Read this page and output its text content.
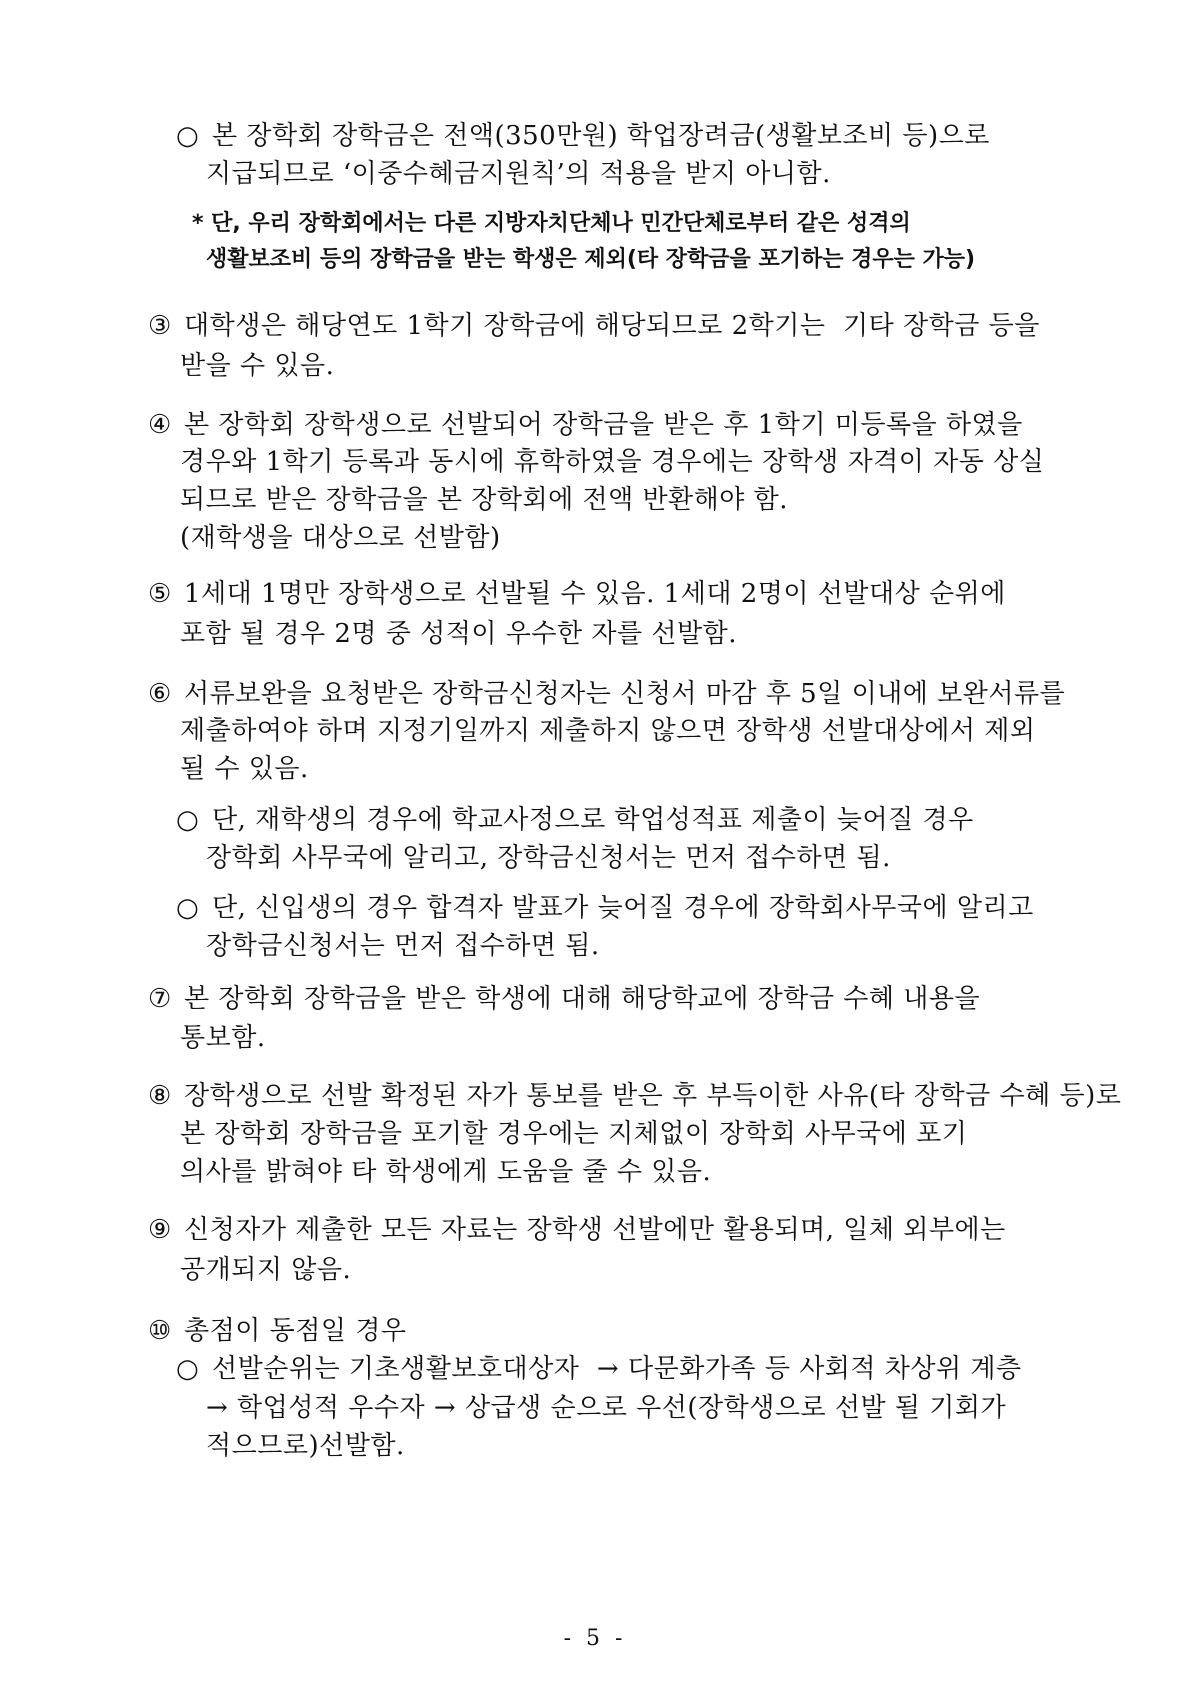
○ 본 장학회 장학금은 전액(350만원) 학업장려금(생활보조비 등)으로
지급되므로 ‘이중수혜금지원칙’의 적용을 받지 아니함.
* 단, 우리 장학회에서는 다른 지방자치단체나 민간단체로부터 같은 성격의
생활보조비 등의 장학금을 받는 학생은 제외(타 장학금을 포기하는 경우는 가능)
③ 대학생은 해당연도 1학기 장학금에 해당되므로 2학기는  기타 장학금 등을
받을 수 있음.
④ 본 장학회 장학생으로 선발되어 장학금을 받은 후 1학기 미등록을 하였을
경우와 1학기 등록과 동시에 휴학하였을 경우에는 장학생 자격이 자동 상실
되므로 받은 장학금을 본 장학회에 전액 반환해야 함.
(재학생을 대상으로 선발함)
⑤ 1세대 1명만 장학생으로 선발될 수 있음. 1세대 2명이 선발대상 순위에
포함 될 경우 2명 중 성적이 우수한 자를 선발함.
⑥ 서류보완을 요청받은 장학금신청자는 신청서 마감 후 5일 이내에 보완서류를
제출하여야 하며 지정기일까지 제출하지 않으면 장학생 선발대상에서 제외
될 수 있음.
○ 단, 재학생의 경우에 학교사정으로 학업성적표 제출이 늦어질 경우
장학회 사무국에 알리고, 장학금신청서는 먼저 접수하면 됨.
○ 단, 신입생의 경우 합격자 발표가 늦어질 경우에 장학회사무국에 알리고
장학금신청서는 먼저 접수하면 됨.
⑦ 본 장학회 장학금을 받은 학생에 대해 해당학교에 장학금 수혜 내용을
통보함.
⑧ 장학생으로 선발 확정된 자가 통보를 받은 후 부득이한 사유(타 장학금 수혜 등)로
본 장학회 장학금을 포기할 경우에는 지체없이 장학회 사무국에 포기
의사를 밝혀야 타 학생에게 도움을 줄 수 있음.
⑨ 신청자가 제출한 모든 자료는 장학생 선발에만 활용되며, 일체 외부에는
공개되지 않음.
⑩ 총점이 동점일 경우
○ 선발순위는 기초생활보호대상자  → 다문화가족 등 사회적 차상위 계층
→ 학업성적 우수자 → 상급생 순으로 우선(장학생으로 선발 될 기회가
적으므로)선발함.
- 5 -
